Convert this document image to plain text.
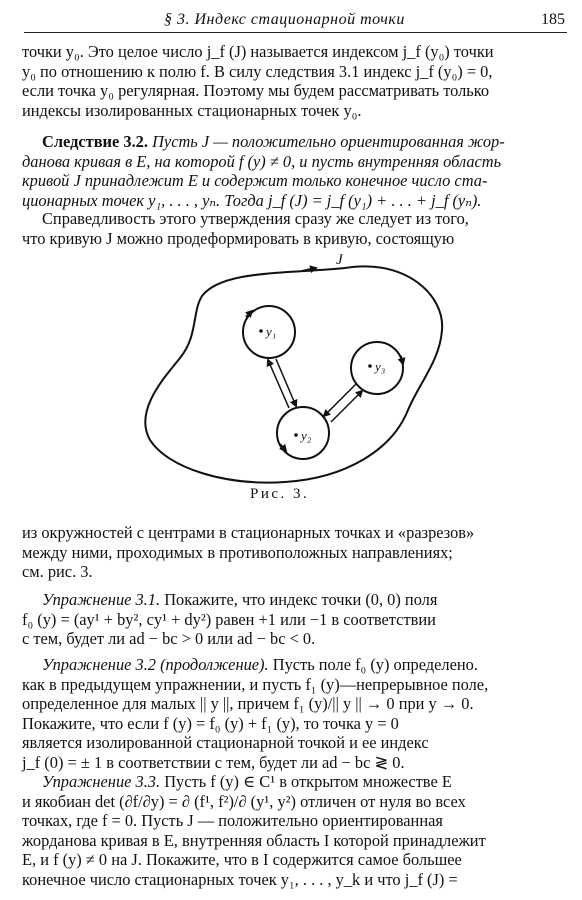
§ 3. Индекс стационарной точки	185

точки y₀. Это целое число j_f (J) называется индексом j_f (y₀) точки
y₀ по отношению к полю f. В силу следствия 3.1 индекс j_f (y₀) = 0,
если точка y₀ регулярная. Поэтому мы будем рассматривать только
индексы изолированных стационарных точек y₀.

Следствие 3.2. Пусть J — положительно ориентированная жор-
данова кривая в E, на которой f (y) ≠ 0, и пусть внутренняя область
кривой J принадлежит E и содержит только конечное число ста-
ционарных точек y₁, . . . , yₙ. Тогда j_f (J) = j_f (y₁) + . . . + j_f (yₙ).

Справедливость этого утверждения сразу же следует из того,
что кривую J можно продеформировать в кривую, состоящую

J
y₁
y₃
y₂
Рис. 3.

из окружностей с центрами в стационарных точках и «разрезов»
между ними, проходимых в противоположных направлениях;
см. рис. 3.

Упражнение 3.1. Покажите, что индекс точки (0, 0) поля
f₀ (y) = (ay¹ + by², cy¹ + dy²) равен +1 или −1 в соответствии
с тем, будет ли ad − bc > 0 или ad − bc < 0.

Упражнение 3.2 (продолжение). Пусть поле f₀ (y) определено.
как в предыдущем упражнении, и пусть f₁ (y)—непрерывное поле,
определенное для малых || y ||, причем f₁ (y)/|| y || → 0 при y → 0.
Покажите, что если f (y) = f₀ (y) + f₁ (y), то точка y = 0
является изолированной стационарной точкой и ее индекс
j_f (0) = ± 1 в соответствии с тем, будет ли ad − bc ≷ 0.

Упражнение 3.3. Пусть f (y) ∈ C¹ в открытом множестве E
и якобиан det (∂f/∂y) = ∂ (f¹, f²)/∂ (y¹, y²) отличен от нуля во всех
точках, где f = 0. Пусть J — положительно ориентированная
жорданова кривая в E, внутренняя область I которой принадлежит
E, и f (y) ≠ 0 на J. Покажите, что в I содержится самое большее
конечное число стационарных точек y₁, . . . , y_k и что j_f (J) =
